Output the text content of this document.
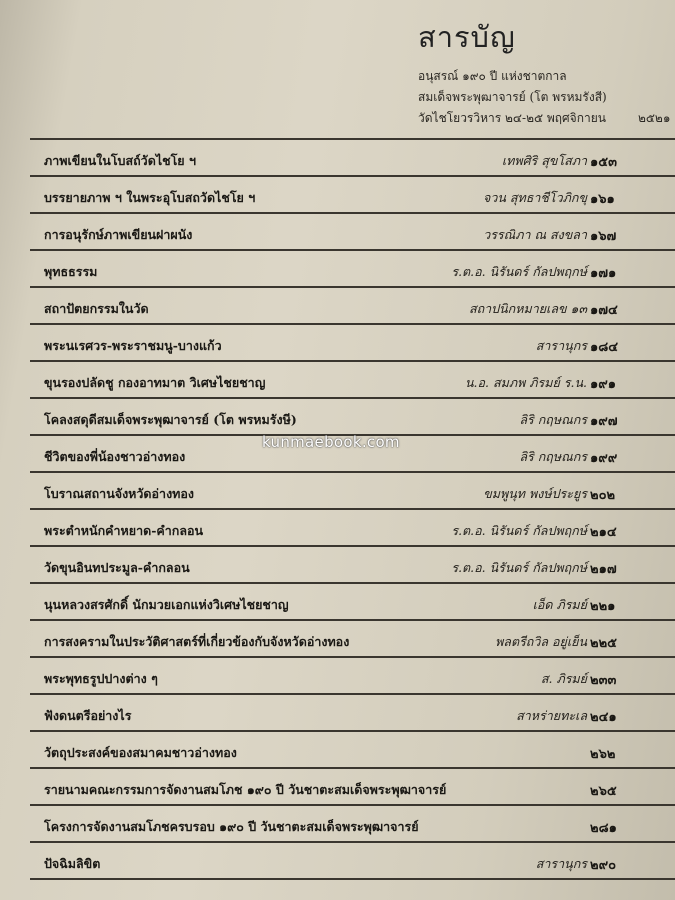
สารบัญ
อนุสรณ์ ๑๙๐ ปี แห่งชาตกาล
สมเด็จพระพุฒาจารย์ (โต พรหมรังสี)
วัดไชโยวรวิหาร ๒๔-๒๕ พฤศจิกายน	๒๕๒๑
ภาพเขียนในโบสถ์วัดไชโย ฯ	เทพศิริ สุขโสภา ๑๕๓
บรรยายภาพ ฯ ในพระอุโบสถวัดไชโย ฯ	จวน สุทธาชีโวภิกขุ ๑๖๑
การอนุรักษ์ภาพเขียนฝาผนัง	วรรณิภา ณ สงขลา ๑๖๗
พุทธธรรม	ร.ต.อ. นิรันดร์ กัลปพฤกษ์ ๑๗๑
สถาปัตยกรรมในวัด	สถาปนิกหมายเลข ๑๓ ๑๗๔
พระนเรศวร-พระราชมนู-บางแก้ว	สารานุกร ๑๘๔
ขุนรองปลัดชู กองอาทมาต วิเศษไชยชาญ	น.อ. สมภพ ภิรมย์ ร.น. ๑๙๑
โคลงสดุดีสมเด็จพระพุฒาจารย์ (โต พรหมรังษี)	ลิริ กฤษณกร ๑๙๗
ชีวิตของพี่น้องชาวอ่างทอง	ลิริ กฤษณกร ๑๙๙
โบราณสถานจังหวัดอ่างทอง	ขมพูนุท พงษ์ประยูร ๒๐๒
พระตำหนักคำหยาด-คำกลอน	ร.ต.อ. นิรันดร์ กัลปพฤกษ์ ๒๑๔
วัดขุนอินทประมูล-คำกลอน	ร.ต.อ. นิรันดร์ กัลปพฤกษ์ ๒๑๗
นุนหลวงสรศักดิ์ นักมวยเอกแห่งวิเศษไชยชาญ	เอ็ด ภิรมย์ ๒๒๑
การสงครามในประวัติศาสตร์ที่เกี่ยวข้องกับจังหวัดอ่างทอง	พลตรีถวิล อยู่เย็น ๒๒๕
พระพุทธรูปปางต่าง ๆ	ส. ภิรมย์ ๒๓๓
ฟังดนตรีอย่างไร	สาหร่ายทะเล ๒๔๑
วัตถุประสงค์ของสมาคมชาวอ่างทอง	๒๖๒
รายนามคณะกรรมการจัดงานสมโภช ๑๙๐ ปี วันชาตะสมเด็จพระพุฒาจารย์	๒๖๕
โครงการจัดงานสมโภชครบรอบ ๑๙๐ ปี วันชาตะสมเด็จพระพุฒาจารย์	๒๘๑
ปัจฉิมลิขิต	สารานุกร ๒๙๐
kunmaebook.com
